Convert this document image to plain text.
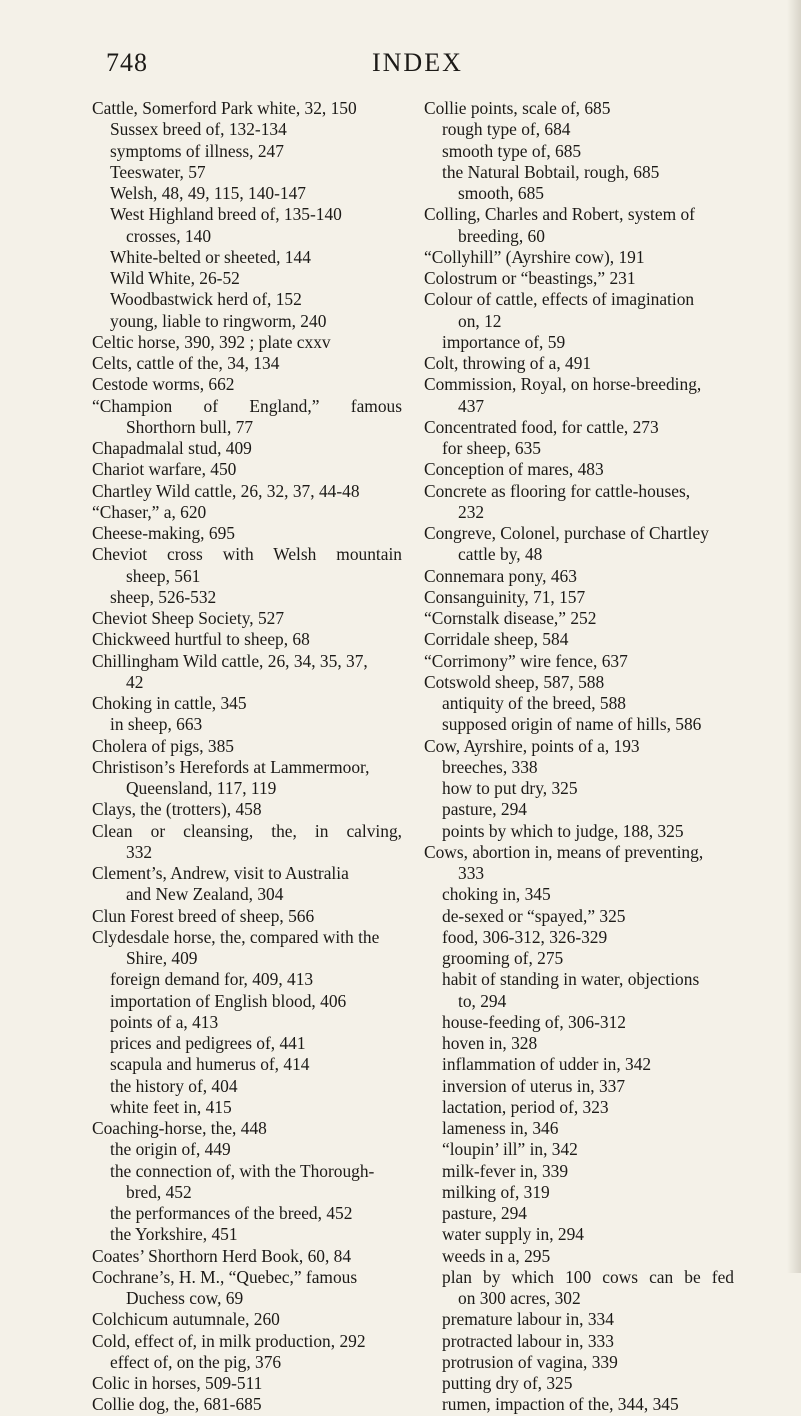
748	INDEX
Cattle, Somerford Park white, 32, 150
Sussex breed of, 132-134
symptoms of illness, 247
Teeswater, 57
Welsh, 48, 49, 115, 140-147
West Highland breed of, 135-140
crosses, 140
White-belted or sheeted, 144
Wild White, 26-52
Woodbastwick herd of, 152
young, liable to ringworm, 240
Celtic horse, 390, 392 ; plate cxxv
Celts, cattle of the, 34, 134
Cestode worms, 662
“Champion of England,” famous
Shorthorn bull, 77
Chapadmalal stud, 409
Chariot warfare, 450
Chartley Wild cattle, 26, 32, 37, 44-48
“Chaser,” a, 620
Cheese-making, 695
Cheviot cross with Welsh mountain
sheep, 561
sheep, 526-532
Cheviot Sheep Society, 527
Chickweed hurtful to sheep, 68
Chillingham Wild cattle, 26, 34, 35, 37,
42
Choking in cattle, 345
in sheep, 663
Cholera of pigs, 385
Christison’s Herefords at Lammermoor,
Queensland, 117, 119
Clays, the (trotters), 458
Clean or cleansing, the, in calving,
332
Clement’s, Andrew, visit to Australia
and New Zealand, 304
Clun Forest breed of sheep, 566
Clydesdale horse, the, compared with the
Shire, 409
foreign demand for, 409, 413
importation of English blood, 406
points of a, 413
prices and pedigrees of, 441
scapula and humerus of, 414
the history of, 404
white feet in, 415
Coaching-horse, the, 448
the origin of, 449
the connection of, with the Thorough-
bred, 452
the performances of the breed, 452
the Yorkshire, 451
Coates’ Shorthorn Herd Book, 60, 84
Cochrane’s, H. M., “Quebec,” famous
Duchess cow, 69
Colchicum autumnale, 260
Cold, effect of, in milk production, 292
effect of, on the pig, 376
Colic in horses, 509-511
Collie dog, the, 681-685
Collie points, scale of, 685
rough type of, 684
smooth type of, 685
the Natural Bobtail, rough, 685
smooth, 685
Colling, Charles and Robert, system of
breeding, 60
“Collyhill” (Ayrshire cow), 191
Colostrum or “beastings,” 231
Colour of cattle, effects of imagination
on, 12
importance of, 59
Colt, throwing of a, 491
Commission, Royal, on horse-breeding,
437
Concentrated food, for cattle, 273
for sheep, 635
Conception of mares, 483
Concrete as flooring for cattle-houses,
232
Congreve, Colonel, purchase of Chartley
cattle by, 48
Connemara pony, 463
Consanguinity, 71, 157
“Cornstalk disease,” 252
Corridale sheep, 584
“Corrimony” wire fence, 637
Cotswold sheep, 587, 588
antiquity of the breed, 588
supposed origin of name of hills, 586
Cow, Ayrshire, points of a, 193
breeches, 338
how to put dry, 325
pasture, 294
points by which to judge, 188, 325
Cows, abortion in, means of preventing,
333
choking in, 345
de-sexed or “spayed,” 325
food, 306-312, 326-329
grooming of, 275
habit of standing in water, objections
to, 294
house-feeding of, 306-312
hoven in, 328
inflammation of udder in, 342
inversion of uterus in, 337
lactation, period of, 323
lameness in, 346
“loupin’ ill” in, 342
milk-fever in, 339
milking of, 319
pasture, 294
water supply in, 294
weeds in a, 295
plan by which 100 cows can be fed
on 300 acres, 302
premature labour in, 334
protracted labour in, 333
protrusion of vagina, 339
putting dry of, 325
rumen, impaction of the, 344, 345
